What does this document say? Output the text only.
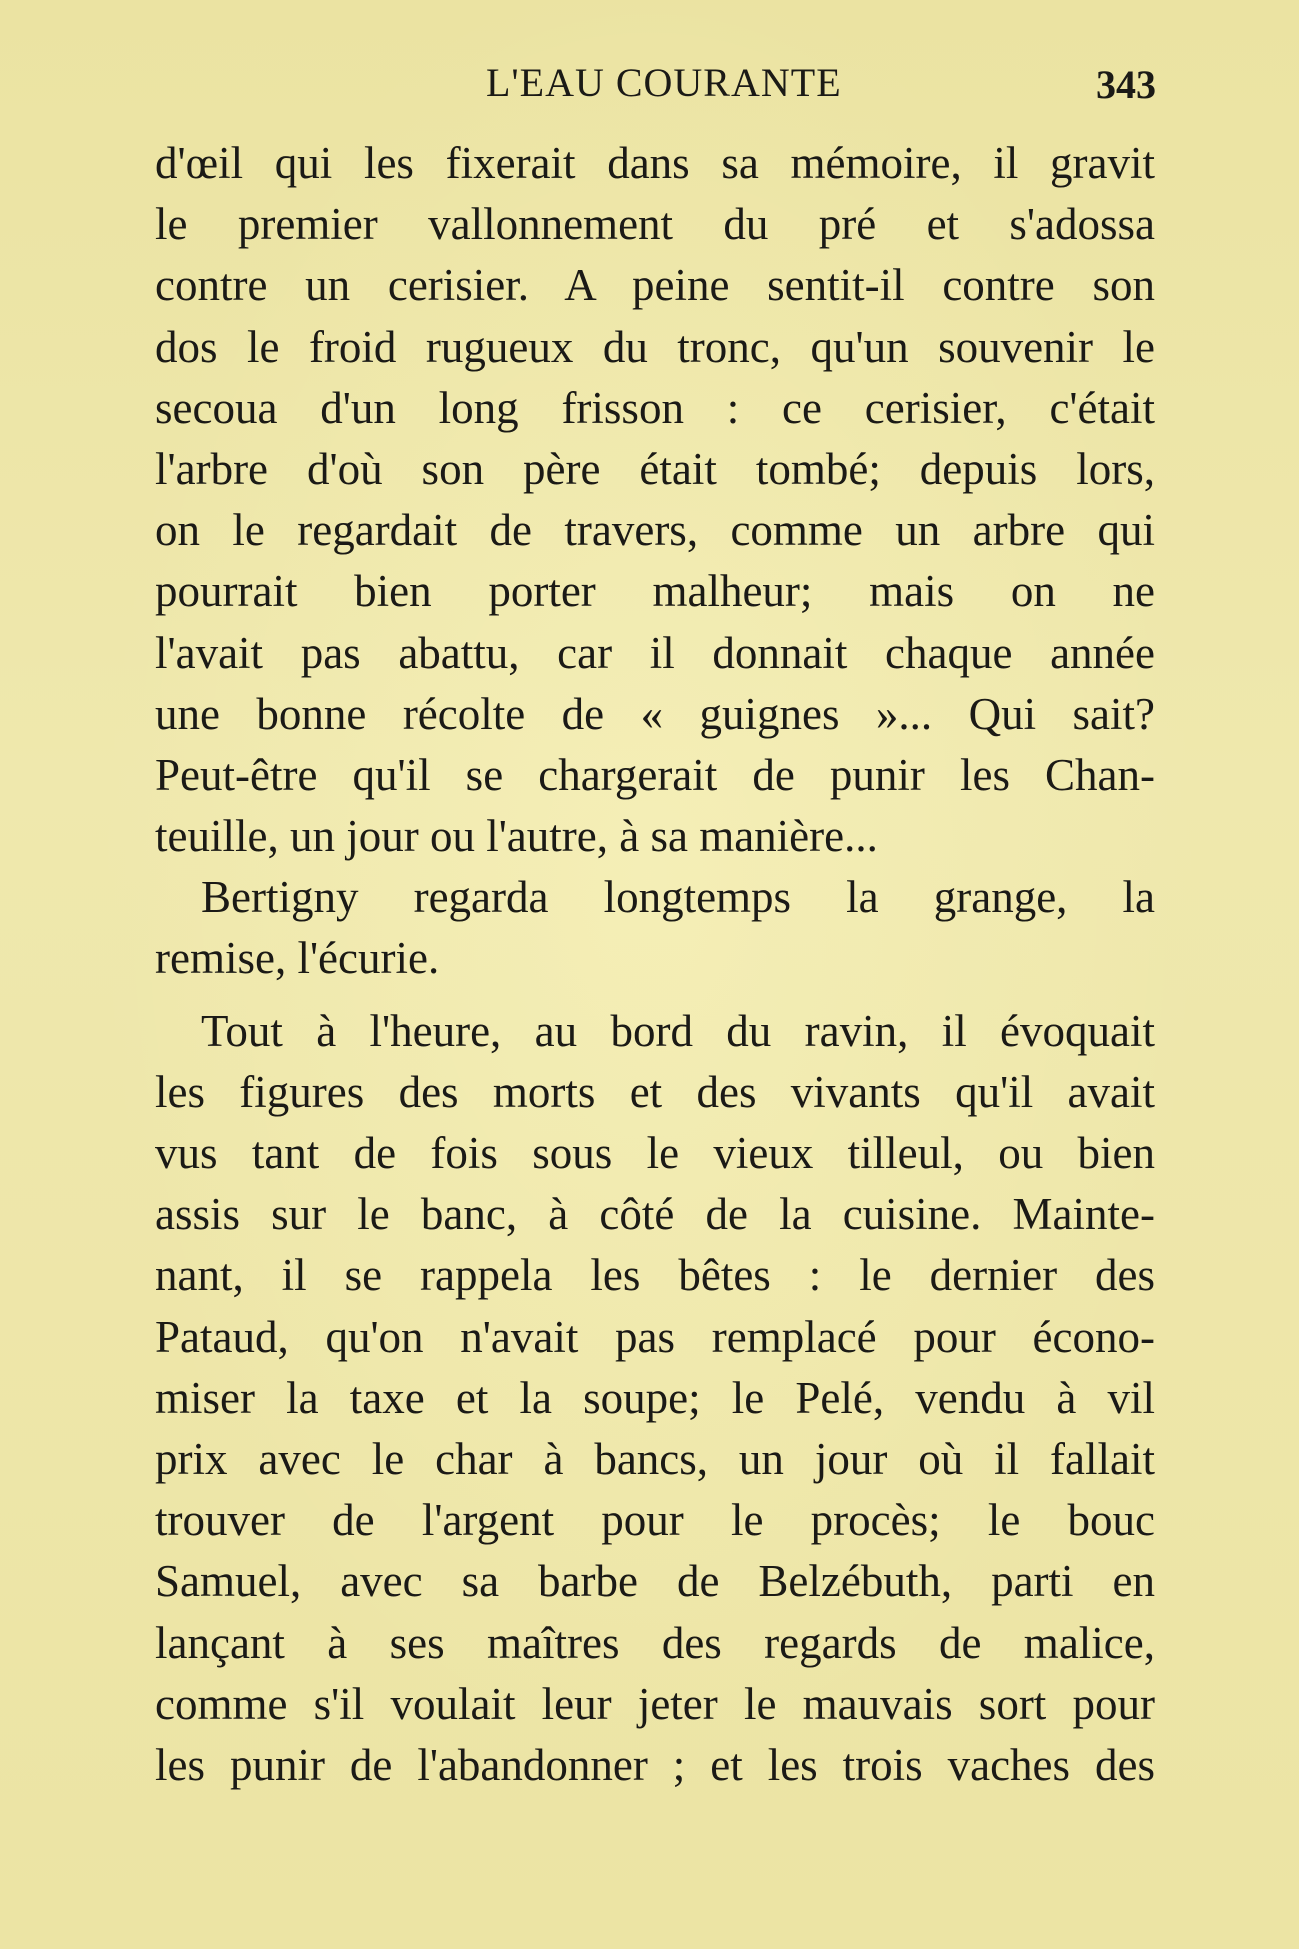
L'EAU COURANTE	343
d'œil qui les fixerait dans sa mémoire, il gravit
le premier vallonnement du pré et s'adossa
contre un cerisier. A peine sentit-il contre son
dos le froid rugueux du tronc, qu'un souvenir le
secoua d'un long frisson : ce cerisier, c'était
l'arbre d'où son père était tombé; depuis lors,
on le regardait de travers, comme un arbre qui
pourrait bien porter malheur; mais on ne
l'avait pas abattu, car il donnait chaque année
une bonne récolte de « guignes »... Qui sait?
Peut-être qu'il se chargerait de punir les Chan-
teuille, un jour ou l'autre, à sa manière...
Bertigny regarda longtemps la grange, la
remise, l'écurie.
Tout à l'heure, au bord du ravin, il évoquait
les figures des morts et des vivants qu'il avait
vus tant de fois sous le vieux tilleul, ou bien
assis sur le banc, à côté de la cuisine. Mainte-
nant, il se rappela les bêtes : le dernier des
Pataud, qu'on n'avait pas remplacé pour écono-
miser la taxe et la soupe; le Pelé, vendu à vil
prix avec le char à bancs, un jour où il fallait
trouver de l'argent pour le procès; le bouc
Samuel, avec sa barbe de Belzébuth, parti en
lançant à ses maîtres des regards de malice,
comme s'il voulait leur jeter le mauvais sort pour
les punir de l'abandonner ; et les trois vaches des
